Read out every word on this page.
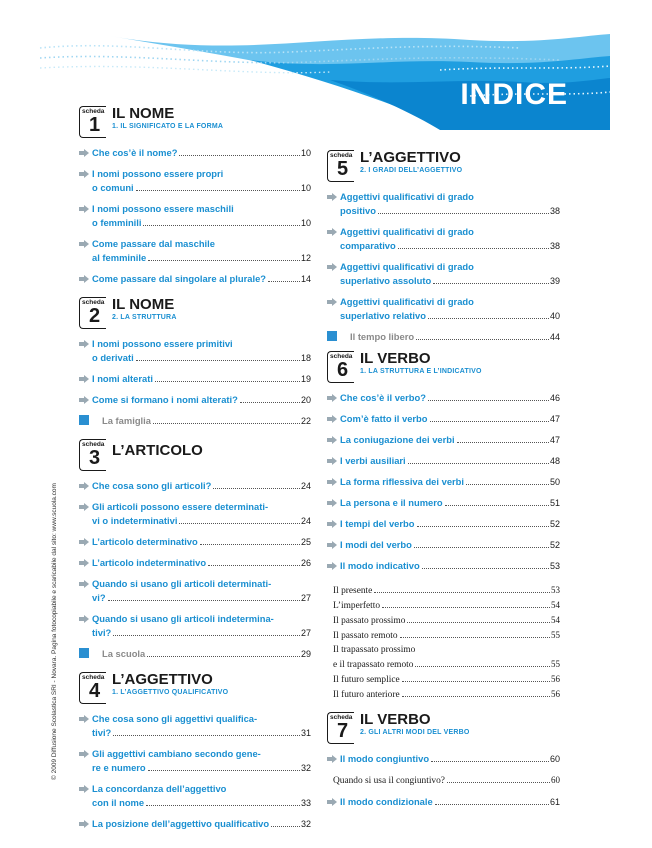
INDICE
© 2009 Diffusione Scolastica SRI - Novara. Pagina fotocopiabile e scaricabile dal sito: www.scuola.com
scheda
1
IL NOME
1. IL SIGNIFICATO E LA FORMA
Che cos’è il nome?	10
I nomi possono essere propri
o comuni	10
I nomi possono essere maschili
o femminili	10
Come passare dal maschile
al femminile	12
Come passare dal singolare al plurale?	14
scheda
2
IL NOME
2. LA STRUTTURA
I nomi possono essere primitivi
o derivati	18
I nomi alterati	19
Come si formano i nomi alterati?	20
La famiglia	22
scheda
3 L’ARTICOLO
Che cosa sono gli articoli?	24
Gli articoli possono essere determinati-
vi o indeterminativi	24
L’articolo determinativo	25
L’articolo indeterminativo	26
Quando si usano gli articoli determinati-
vi?	27
Quando si usano gli articoli indetermina-
tivi?	27
La scuola	29
scheda
4
L’AGGETTIVO
1. L’AGGETTIVO QUALIFICATIVO
Che cosa sono gli aggettivi qualifica-
tivi?	31
Gli aggettivi cambiano secondo gene-
re e numero	32
La concordanza dell’aggettivo
con il nome	33
La posizione dell’aggettivo qualificativo	32
scheda
5
L’AGGETTIVO
2. I GRADI DELL’AGGETTIVO
Aggettivi qualificativi di grado
positivo	38
Aggettivi qualificativi di grado
comparativo	38
Aggettivi qualificativi di grado
superlativo assoluto	39
Aggettivi qualificativi di grado
superlativo relativo	40
Il tempo libero	44
scheda
6
IL VERBO
1. LA STRUTTURA E L’INDICATIVO
Che cos’è il verbo?	46
Com’è fatto il verbo	47
La coniugazione dei verbi	47
I verbi ausiliari	48
La forma riflessiva dei verbi	50
La persona e il numero	51
I tempi del verbo	52
I modi del verbo	52
Il modo indicativo	53
Il presente	53
L’imperfetto	54
Il passato prossimo	54
Il passato remoto	55
Il trapassato prossimo
e il trapassato remoto	55
Il futuro semplice	56
Il futuro anteriore	56
scheda
7
IL VERBO
2. GLI ALTRI MODI DEL VERBO
Il modo congiuntivo	60
Quando si usa il congiuntivo?	60
Il modo condizionale	61
